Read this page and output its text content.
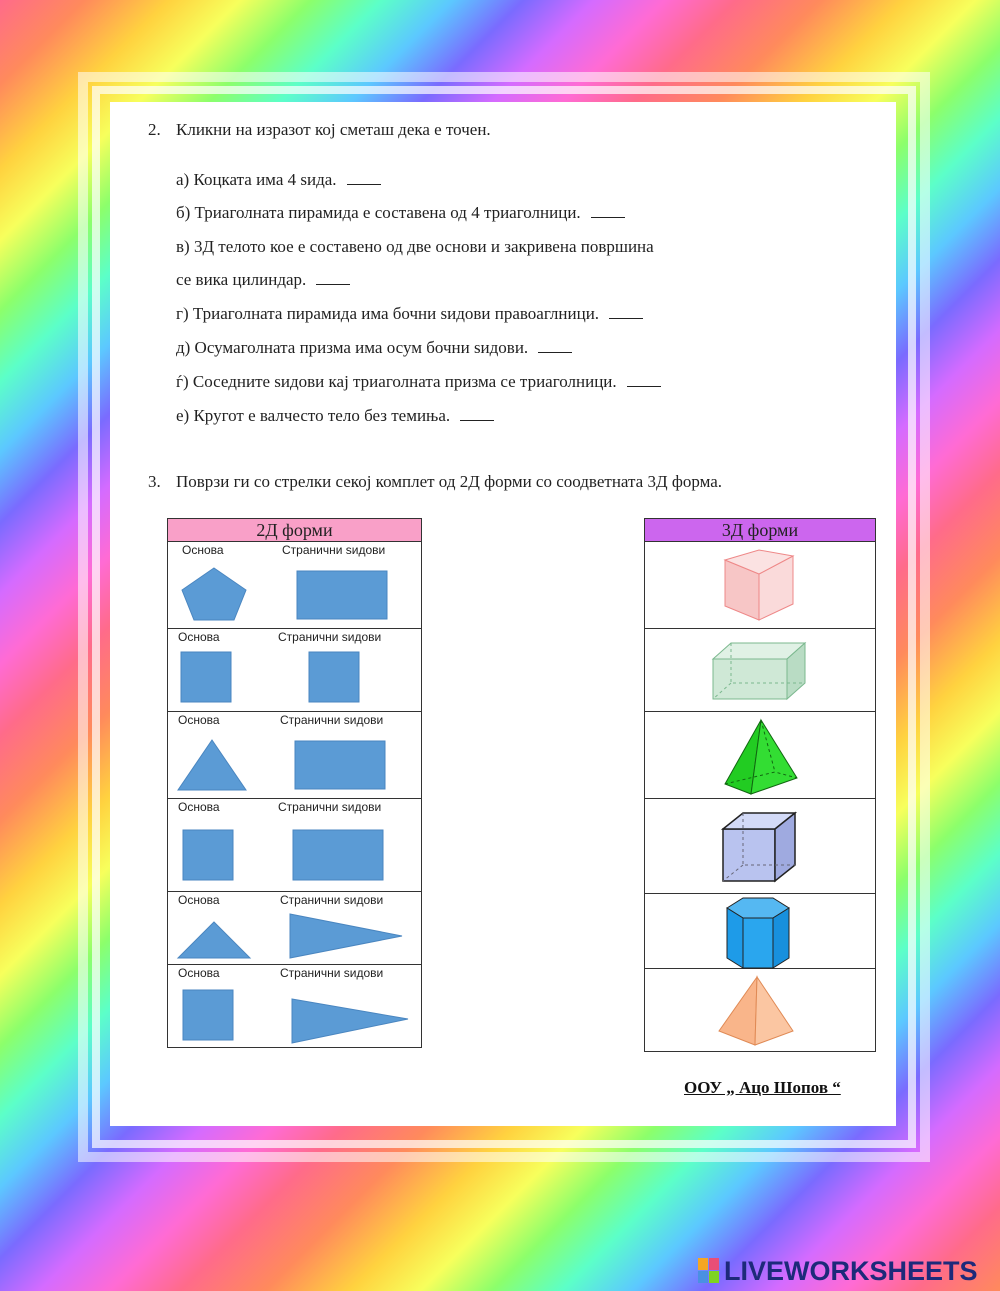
2. Кликни на изразот кој сметаш дека е точен.
а) Коцката има 4 ѕида.
б) Триаголната пирамида е составена од 4 триаголници.
в) 3Д телото кое е составено од две основи и закривена површина
се вика цилиндар.
г) Триаголната пирамида има бочни ѕидови правоаглници.
д) Осумаголната призма има осум бочни ѕидови.
ѓ) Соседните ѕидови кај триаголната призма се триаголници.
е) Кругот е валчесто тело без темиња.
3. Поврзи ги со стрелки секој комплет од 2Д форми со соодветната 3Д форма.
2Д форми

Основа	Странични ѕидови

Основа	Странични ѕидови

Основа	Странични ѕидови

Основа	Странични ѕидови

Основа	Странични ѕидови

Основа	Странични ѕидови
3Д форми

ООУ „ Ацо Шопов “
LIVEWORKSHEETS
